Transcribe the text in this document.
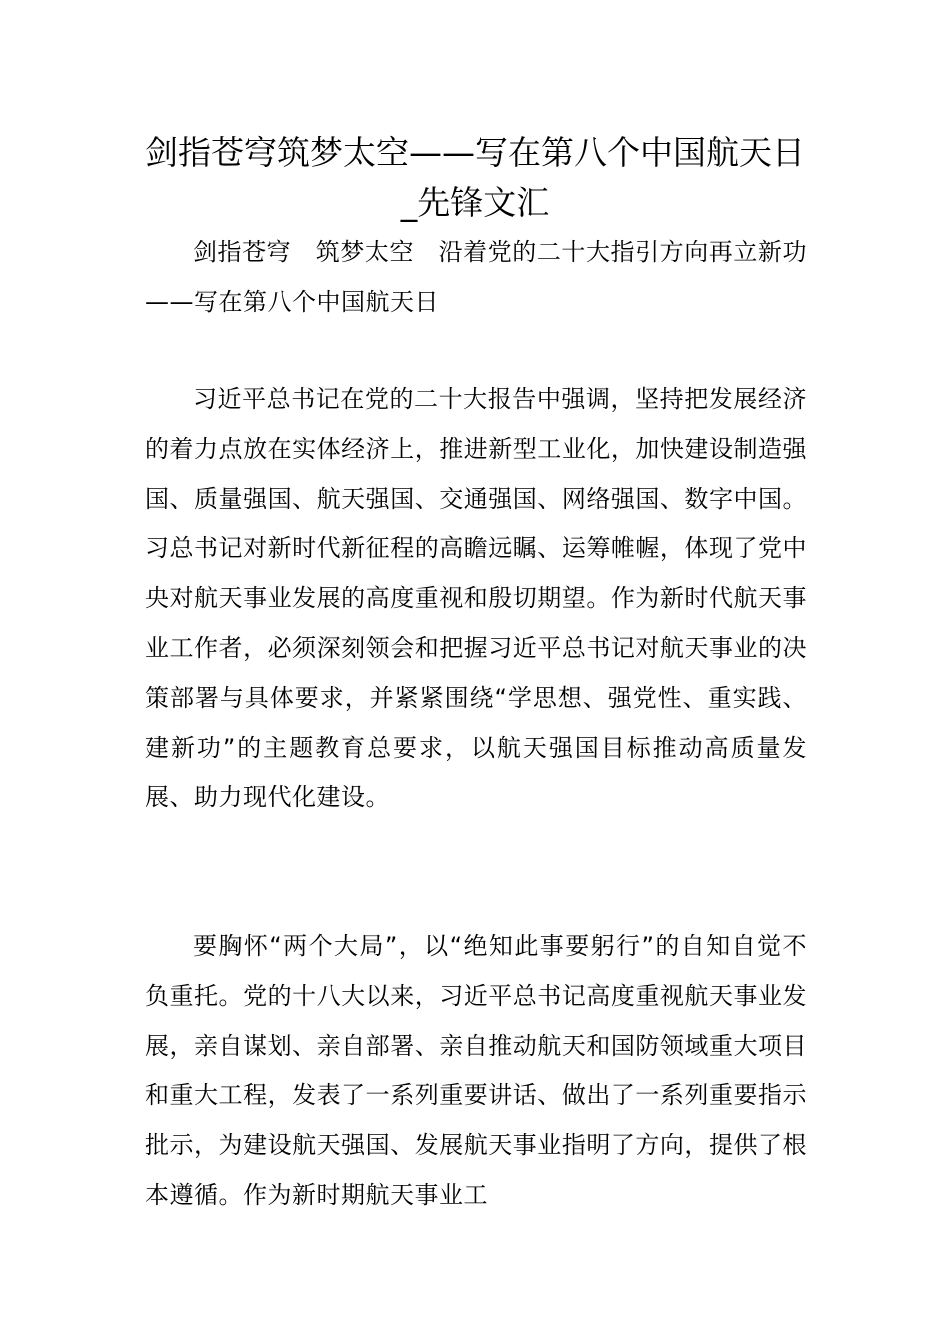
剑指苍穹筑梦太空——写在第八个中国航天日_先锋文汇

剑指苍穹　筑梦太空　沿着党的二十大指引方向再立新功——写在第八个中国航天日

习近平总书记在党的二十大报告中强调，坚持把发展经济的着力点放在实体经济上，推进新型工业化，加快建设制造强国、质量强国、航天强国、交通强国、网络强国、数字中国。习总书记对新时代新征程的高瞻远瞩、运筹帷幄，体现了党中央对航天事业发展的高度重视和殷切期望。作为新时代航天事业工作者，必须深刻领会和把握习近平总书记对航天事业的决策部署与具体要求，并紧紧围绕“学思想、强党性、重实践、建新功”的主题教育总要求，以航天强国目标推动高质量发展、助力现代化建设。

要胸怀“两个大局”，以“绝知此事要躬行”的自知自觉不负重托。党的十八大以来，习近平总书记高度重视航天事业发展，亲自谋划、亲自部署、亲自推动航天和国防领域重大项目和重大工程，发表了一系列重要讲话、做出了一系列重要指示批示，为建设航天强国、发展航天事业指明了方向，提供了根本遵循。作为新时期航天事业工
